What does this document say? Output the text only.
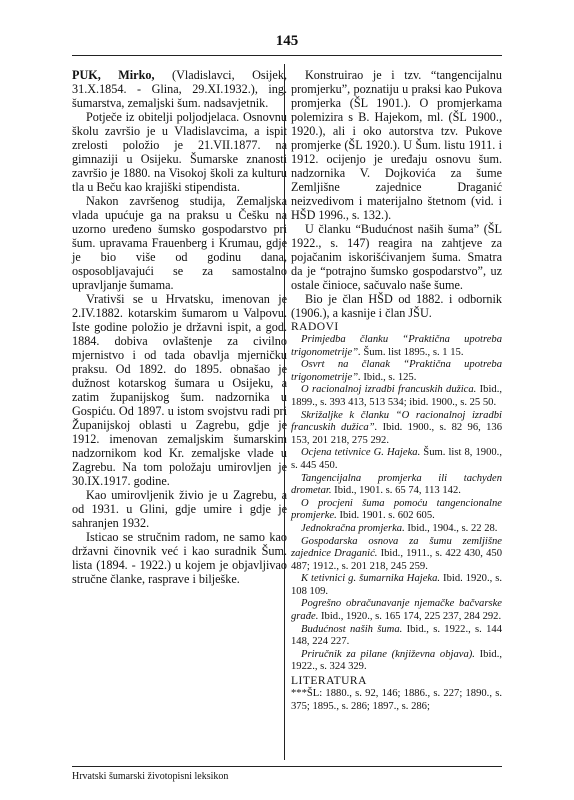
145

PUK, Mirko, (Vladislavci, Osijek, 31.X.1854. - Glina, 29.XI.1932.), ing. šumarstva, zemaljski šum. nadsavjetnik.

Potječe iz obitelji poljodjelaca. Osnovnu školu završio je u Vladislavcima, a ispit zrelosti položio je 21.VII.1877. na gimnaziji u Osijeku. Šumarske znanosti završio je 1880. na Visokoj školi za kulturu tla u Beču kao krajiški stipendista.

Nakon završenog studija, Zemaljska vlada upućuje ga na praksu u Češku na uzorno uređeno šumsko gospodarstvo pri šum. upravama Frauenberg i Krumau, gdje je bio više od godinu dana, osposobljavajući se za samostalno upravljanje šumama.

Vrativši se u Hrvatsku, imenovan je 2.IV.1882. kotarskim šumarom u Valpovu. Iste godine položio je državni ispit, a god. 1884. dobiva ovlaštenje za civilno mjernistvo i od tada obavlja mjerničku praksu. Od 1892. do 1895. obnašao je dužnost kotarskog šumara u Osijeku, a zatim županijskog šum. nadzornika u Gospiću. Od 1897. u istom svojstvu radi pri Županijskoj oblasti u Zagrebu, gdje je 1912. imenovan zemaljskim šumarskim nadzornikom kod Kr. zemaljske vlade u Zagrebu. Na tom položaju umirovljen je 30.IX.1917. godine.

Kao umirovljenik živio je u Zagrebu, a od 1931. u Glini, gdje umire i gdje je sahranjen 1932.

Isticao se stručnim radom, ne samo kao državni činovnik već i kao suradnik Šum. lista (1894. - 1922.) u kojem je objavljivao stručne članke, rasprave i bilješke.

Konstruirao je i tzv. “tangencijalnu promjerku”, poznatiju u praksi kao Pukova promjerka (ŠL 1901.). O promjerkama polemizira s B. Hajekom, ml. (ŠL 1900., 1920.), ali i oko autorstva tzv. Pukove promjerke (ŠL 1920.). U Šum. listu 1911. i 1912. ocijenjo je uređaju osnovu šum. nadzornika V. Dojkovića za šume Zemljišne zajednice Draganić neizvedivom i materijalno štetnom (vid. i HŠD 1996., s. 132.).

U članku “Budućnost naših šuma” (ŠL 1922., s. 147) reagira na zahtjeve za pojačanim iskorišćivanjem šuma. Smatra da je “potrajno šumsko gospodarstvo”, uz ostale činioce, sačuvalo naše šume.

Bio je član HŠD od 1882. i odbornik (1906.), a kasnije i član JŠU.

RADOVI

Primjedba članku “Praktična upotreba trigonometrije”. Šum. list 1895., s. 1 15.

Osvrt na članak “Praktična upotreba trigonometrije”. Ibid., s. 125.

O racionalnoj izradbi francuskih dužica. Ibid., 1899., s. 393 413, 513 534; ibid. 1900., s. 25 50.

Skrižaljke k članku “O racionalnoj izradbi francuskih dužica”. Ibid. 1900., s. 82 96, 136 153, 201 218, 275 292.

Ocjena tetivnice G. Hajeka. Šum. list 8, 1900., s. 445 450.

Tangencijalna promjerka ili tachyden drometar. Ibid., 1901. s. 65 74, 113 142.

O procjeni šuma pomoću tangencionalne promjerke. Ibid. 1901. s. 602 605.

Jednokračna promjerka. Ibid., 1904., s. 22 28.

Gospodarska osnova za šumu zemljišne zajednice Draganić. Ibid., 1911., s. 422 430, 450 487; 1912., s. 201 218, 245 259.

K tetivnici g. šumarnika Hajeka. Ibid. 1920., s. 108 109.

Pogrešno obračunavanje njemačke bačvarske građe. Ibid., 1920., s. 165 174, 225 237, 284 292.

Budućnost naših šuma. Ibid., s. 1922., s. 144 148, 224 227.

Priručnik za pilane (književna objava). Ibid., 1922., s. 324 329.

LITERATURA

***ŠL: 1880., s. 92, 146; 1886., s. 227; 1890., s. 375; 1895., s. 286; 1897., s. 286;

Hrvatski šumarski životopisni leksikon
